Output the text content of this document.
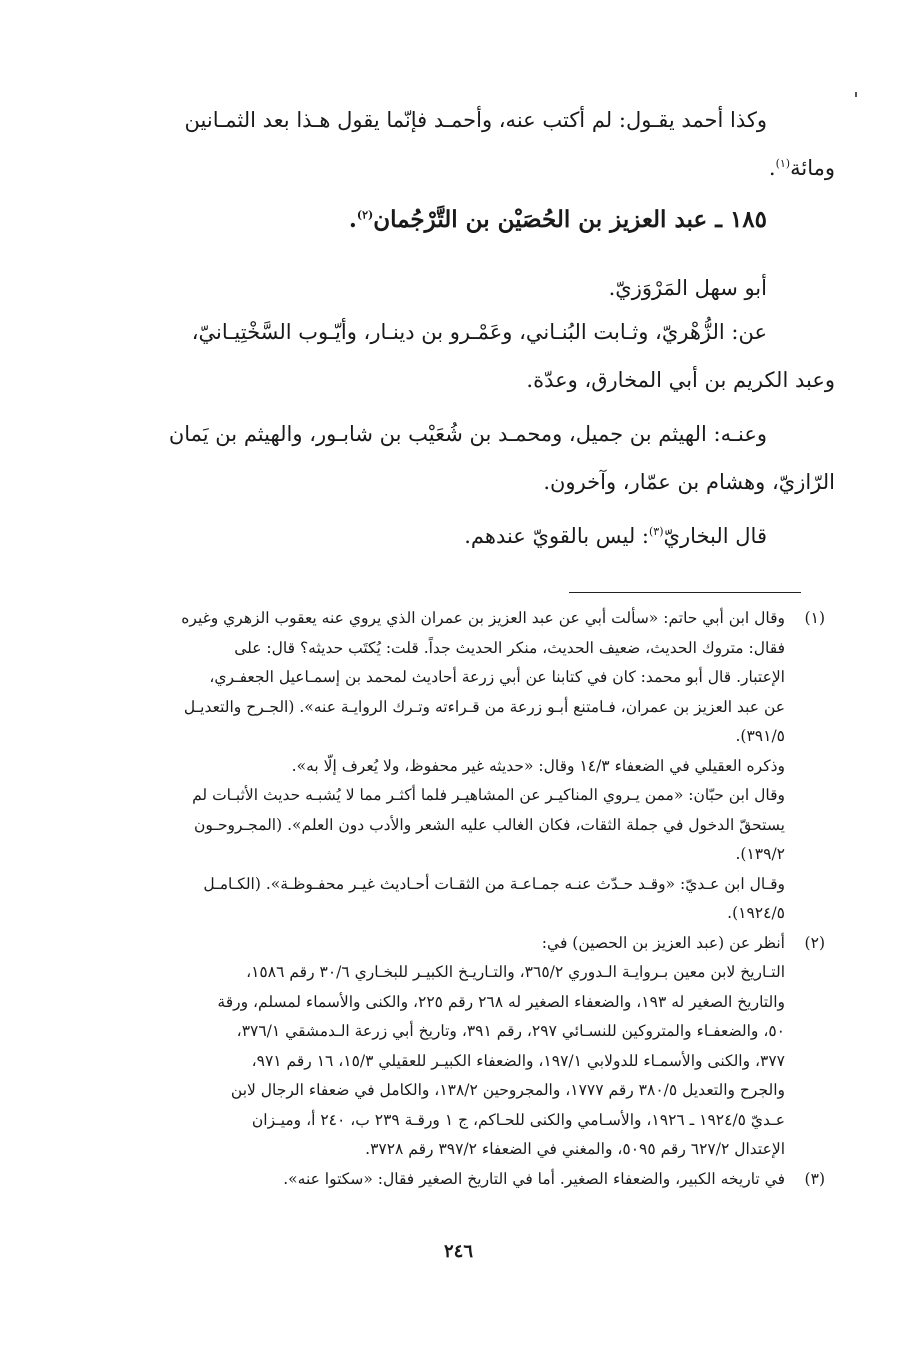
وكذا أحمد يقـول: لم أكتب عنه، وأحمـد فإنّما يقول هـذا بعد الثمـانين
ومائة$^{(١)}$.
١٨٥ ـ عبد العزيز بن الحُصَيْن بن التَّرْجُمان$^{(٢)}$.
أبو سهل المَرْوَزيّ.
عن: الزُّهْريّ، وثـابت البُنـاني، وعَمْـرو بن دينـار، وأيّـوب السَّخْتِيـانيّ،
وعبد الكريم بن أبي المخارق، وعدّة.
وعنـه: الهيثم بن جميل، ومحمـد بن شُعَيْب بن شابـور، والهيثم بن يَمان
الرّازيّ، وهشام بن عمّار، وآخرون.
قال البخاريّ$^{(٣)}$: ليس بالقويّ عندهم.
(١)
وقال ابن أبي حاتم: «سألت أبي عن عبد العزيز بن عمران الذي يروي عنه يعقوب الزهري وغيره
فقال: متروك الحديث، ضعيف الحديث، منكر الحديث جداً. قلت: يُكتَب حديثه؟ قال: على
الإعتبار. قال أبو محمد: كان في كتابنا عن أبي زرعة أحاديث لمحمد بن إسمـاعيل الجعفـري،
عن عبد العزيز بن عمران، فـامتنع أبـو زرعة من قـراءته وتـرك الروايـة عنه». (الجـرح والتعديـل
٣٩١/٥).
وذكره العقيلي في الضعفاء ١٤/٣ وقال: «حديثه غير محفوظ، ولا يُعرف إلّا به».
وقال ابن حبّان: «ممن يـروي المناكيـر عن المشاهيـر فلما أكثـر مما لا يُشبـه حديث الأثبـات لم
يستحقّ الدخول في جملة الثقات، فكان الغالب عليه الشعر والأدب دون العلم». (المجـروحـون
١٣٩/٢).
وقـال ابن عـديّ: «وقـد حـدّث عنـه جمـاعـة من الثقـات أحـاديث غيـر محفـوظـة». (الكـامـل
١٩٢٤/٥).
(٢)
أنظر عن (عبد العزيز بن الحصين) في:
التـاريخ لابن معين بـروايـة الـدوري ٣٦٥/٢، والتـاريـخ الكبيـر للبخـاري ٣٠/٦ رقم ١٥٨٦،
والتاريخ الصغير له ١٩٣، والضعفاء الصغير له ٢٦٨ رقم ٢٢٥، والكنى والأسماء لمسلم، ورقة
٥٠، والضعفـاء والمتروكين للنسـائي ٢٩٧، رقم ٣٩١، وتاريخ أبي زرعة الـدمشقي ٣٧٦/١،
٣٧٧، والكنى والأسمـاء للدولابي ١٩٧/١، والضعفاء الكبيـر للعقيلي ١٥/٣، ١٦ رقم ٩٧١،
والجرح والتعديل ٣٨٠/٥ رقم ١٧٧٧، والمجروحين ١٣٨/٢، والكامل في ضعفاء الرجال لابن
عـديّ ١٩٢٤/٥ ـ ١٩٢٦، والأسـامي والكنى للحـاكم، ج ١ ورقـة ٢٣٩ ب، ٢٤٠ أ، وميـزان
الإعتدال ٦٢٧/٢ رقم ٥٠٩٥، والمغني في الضعفاء ٣٩٧/٢ رقم ٣٧٢٨.
(٣)
في تاريخه الكبير، والضعفاء الصغير. أما في التاريخ الصغير فقال: «سكتوا عنه».
٢٤٦
